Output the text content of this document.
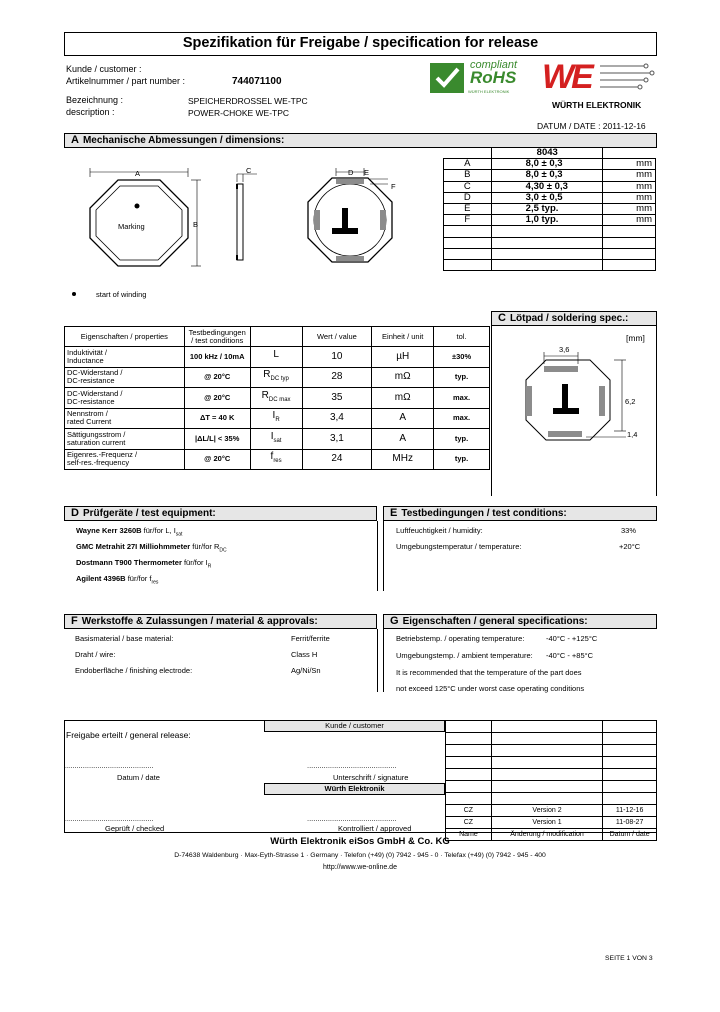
Spezifikation für Freigabe / specification for release
Kunde / customer :
Artikelnummer / part number :	744071100
Bezeichnung :	SPEICHERDROSSEL WE-TPC
description :	POWER-CHOKE WE-TPC
compliant
RoHS
WÜRTH ELEKTRONIK WE
WÜRTH ELEKTRONIK
DATUM / DATE : 2011-12-16
A Mechanische Abmessungen / dimensions:
A
B
C	D E
F
Marking
start of winding
	8043	
A	8,0 ± 0,3	mm
B	8,0 ± 0,3	mm
C	4,30 ± 0,3	mm
D	3,0 ± 0,5	mm
E	2,5 typ.	mm
F	1,0 typ.	mm

Eigenschaften / properties	Testbedingungen / test conditions		Wert / value	Einheit / unit	tol.

Induktivität /
Inductance	100 kHz / 10mA	L	10	µH	±30%

DC-Widerstand /
DC-resistance	@ 20°C	$R_{DC typ}$	28	mΩ	typ.

DC-Widerstand /
DC-resistance	@ 20°C	$R_{DC max}$	35	mΩ	max.

Nennstrom /
rated Current	ΔT = 40 K	$I_R$	3,4	A	max.

Sättigungsstrom /
saturation current	|ΔL/L| < 35%	$I_{sat}$	3,1	A	typ.

Eigenres.-Frequenz /
self-res.-frequency	@ 20°C	$f_{res}$	24	MHz	typ.
C Lötpad / soldering spec.:
[mm]
3,6
6,2
1,4
D Prüfgeräte / test equipment:
Wayne Kerr 3260B für/for L, $I_{sat}$
GMC Metrahit 27I Milliohmmeter für/for $R_{DC}$
Dostmann T900 Thermometer für/for $I_R$
Agilent 4396B für/for $f_{res}$
E Testbedingungen / test conditions:
Luftfeuchtigkeit / humidity:	33%
Umgebungstemperatur / temperature:	+20°C
F Werkstoffe & Zulassungen / material & approvals:
Basismaterial / base material:	Ferrit/ferrite
Draht / wire:	Class H
Endoberfläche / finishing electrode:	Ag/Ni/Sn
G Eigenschaften / general specifications:
Betriebstemp. / operating temperature:	-40°C - +125°C
Umgebungstemp. / ambient temperature: -40°C - +85°C
It is recommended that the temperature of the part does
not exceed 125°C under worst case operating conditions
Freigabe erteilt / general release:
...........................................	...........................................
Datum / date	Unterschrift / signature
...........................................	...........................................
Geprüft / checked	Kontrolliert / approved
Kunde / customer
Würth Elektronik

CZ	Version 2	11-12-16
CZ	Version 1	11-08-27
Name	Änderung / modification	Datum / date
Würth Elektronik eiSos GmbH & Co. KG
D-74638 Waldenburg · Max-Eyth-Strasse 1 · Germany · Telefon (+49) (0) 7942 - 945 - 0 · Telefax (+49) (0) 7942 - 945 - 400
http://www.we-online.de
SEITE 1 VON 3
